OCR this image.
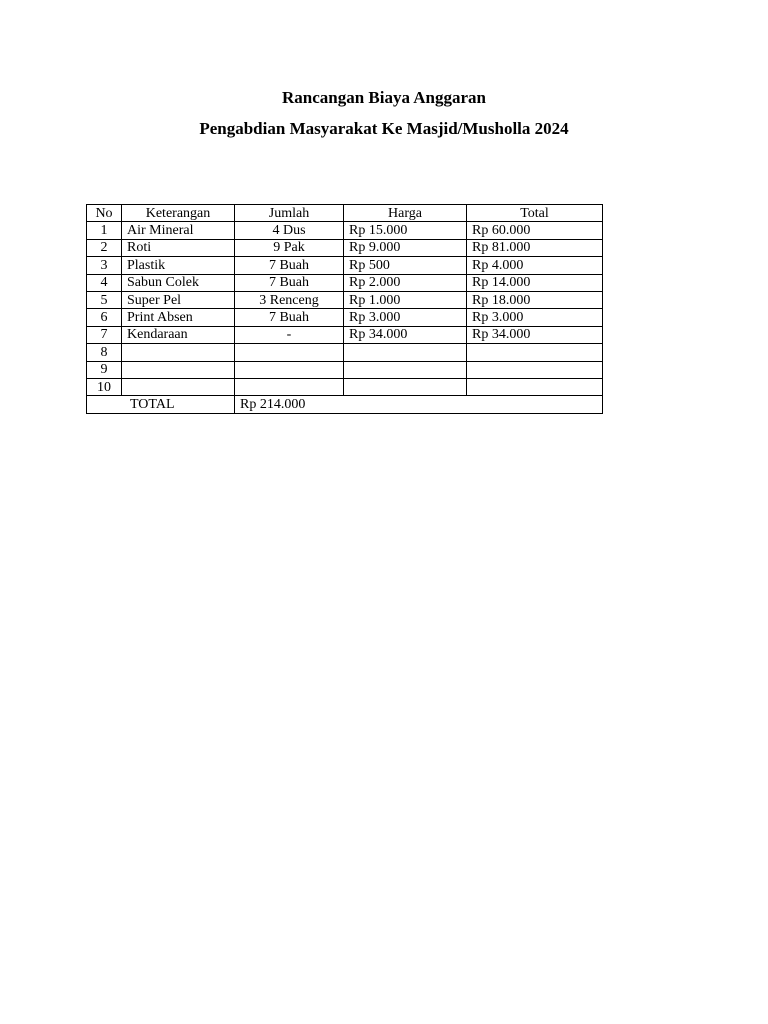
Rancangan Biaya Anggaran
Pengabdian Masyarakat Ke Masjid/Musholla 2024
No	Keterangan	Jumlah	Harga	Total
1	Air Mineral	4 Dus	Rp 15.000	Rp 60.000
2	Roti	9 Pak	Rp 9.000	Rp 81.000
3	Plastik	7 Buah	Rp 500	Rp 4.000
4	Sabun Colek	7 Buah	Rp 2.000	Rp 14.000
5	Super Pel	3 Renceng	Rp 1.000	Rp 18.000
6	Print Absen	7 Buah	Rp 3.000	Rp 3.000
7	Kendaraan	-	Rp 34.000	Rp 34.000
8				
9				
10				
TOTAL		Rp 214.000		
